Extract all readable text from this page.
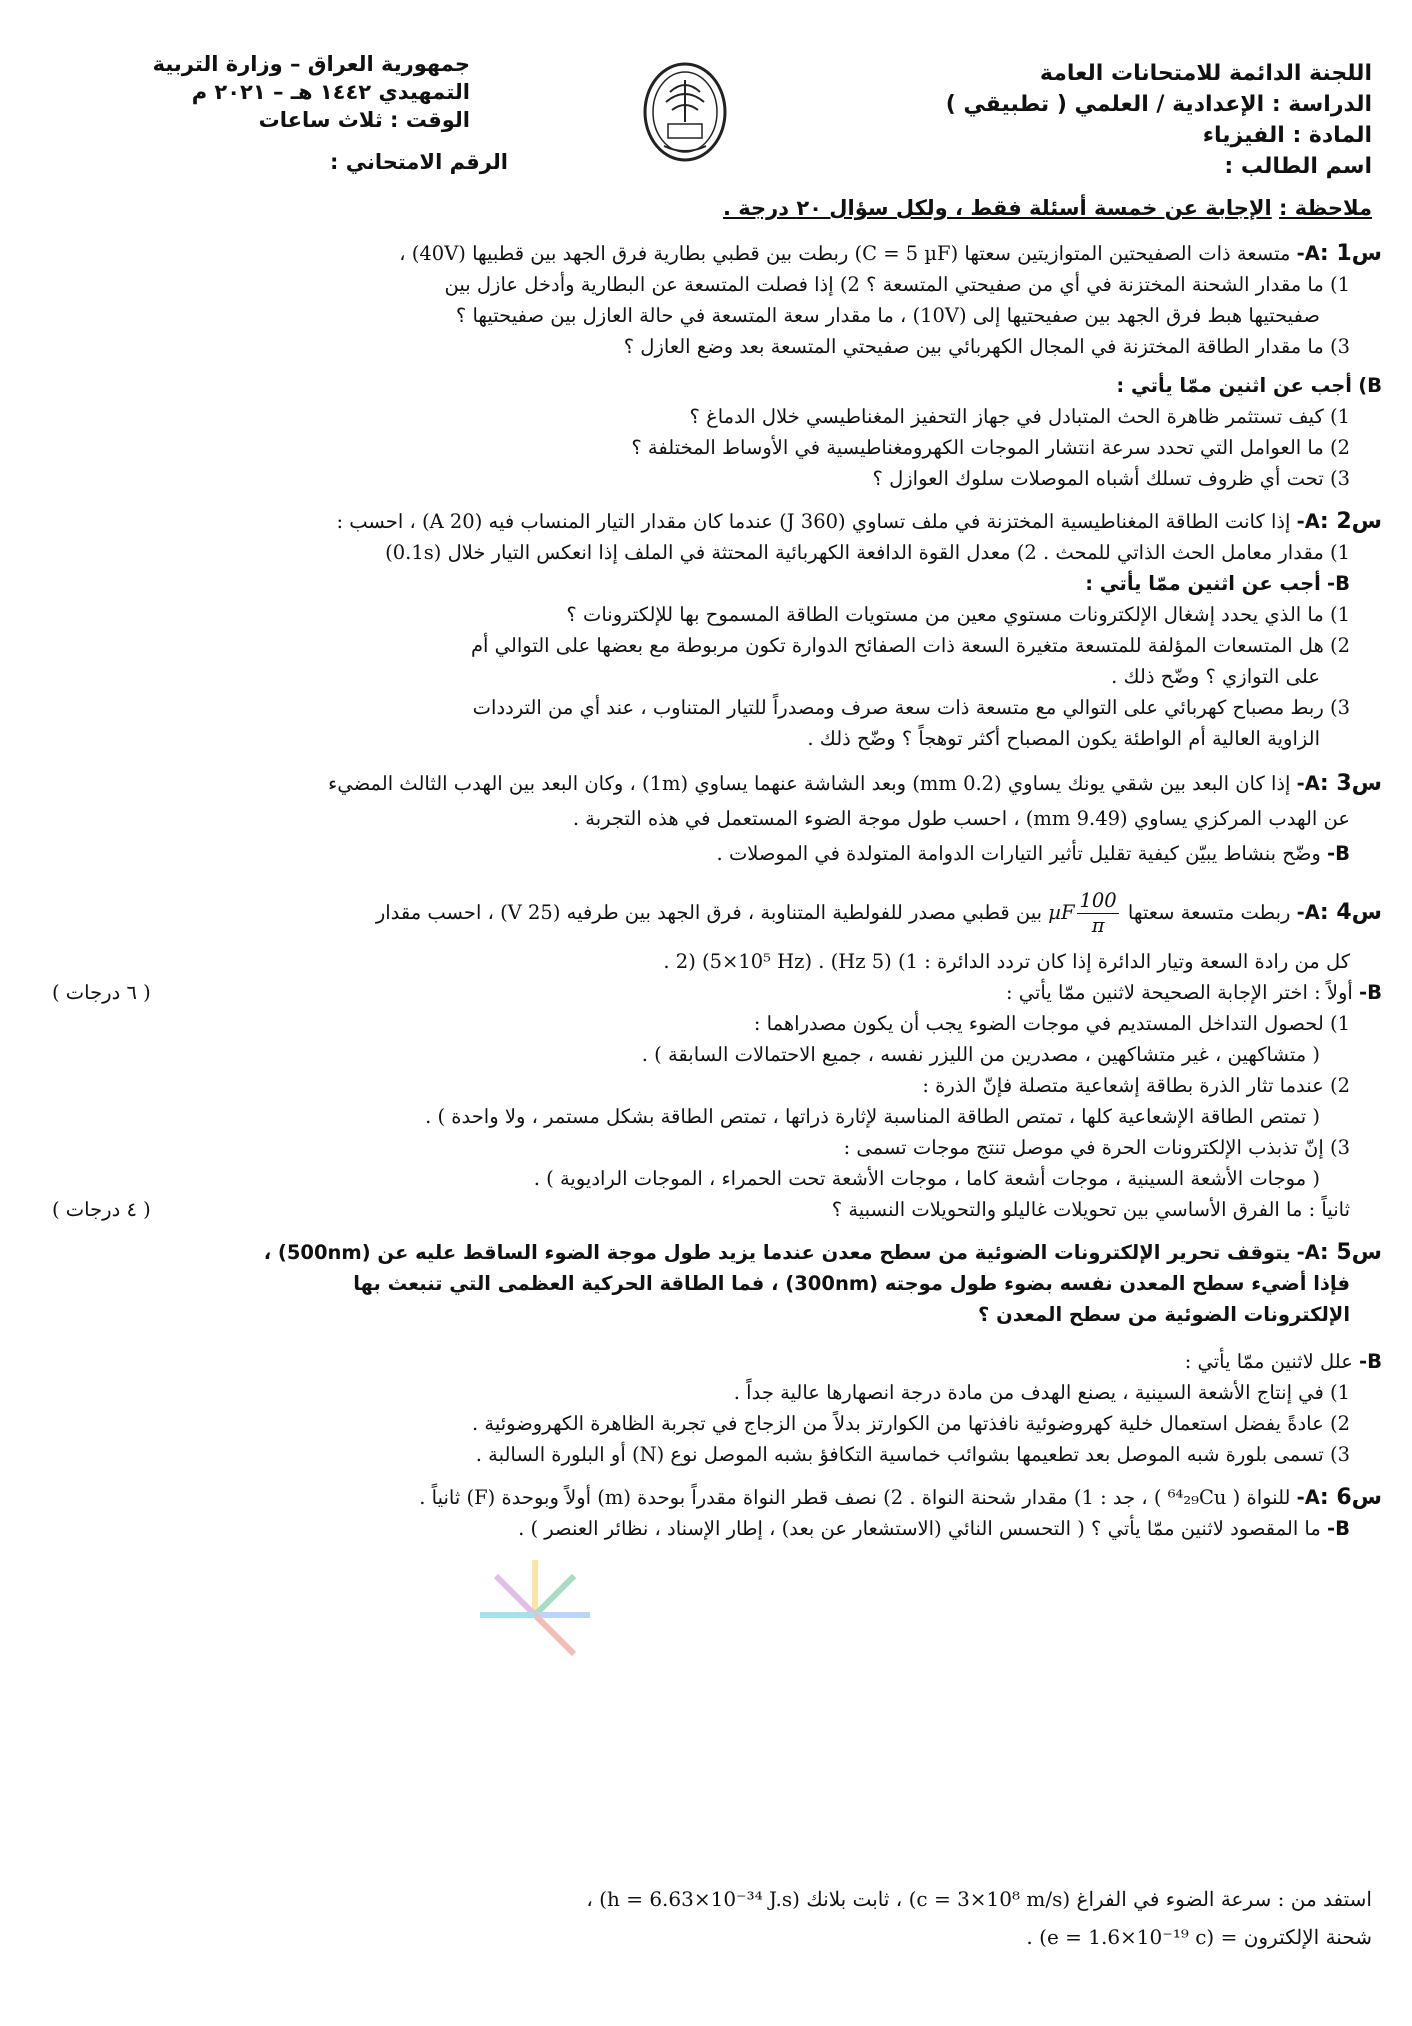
اللجنة الدائمة للامتحانات العامة
الدراسة : الإعدادية / العلمي ( تطبيقي )
المادة : الفيزياء
اسم الطالب :
جمهورية العراق – وزارة التربية
التمهيدي ١٤٤٢ هـ – ٢٠٢١ م
الوقت : ثلاث ساعات
الرقم الامتحاني :
ملاحظة : الإجابة عن خمسة أسئلة فقط ، ولكل سؤال ٢٠ درجة .
س1 :A- متسعة ذات الصفيحتين المتوازيتين سعتها (C = 5 µF) ربطت بين قطبي بطارية فرق الجهد بين قطبيها (40V) ،
1) ما مقدار الشحنة المختزنة في أي من صفيحتي المتسعة ؟ 2) إذا فصلت المتسعة عن البطارية وأدخل عازل بين
صفيحتيها هبط فرق الجهد بين صفيحتيها إلى (10V) ، ما مقدار سعة المتسعة في حالة العازل بين صفيحتيها ؟
3) ما مقدار الطاقة المختزنة في المجال الكهربائي بين صفيحتي المتسعة بعد وضع العازل ؟
B) أجب عن اثنين ممّا يأتي :
1) كيف تستثمر ظاهرة الحث المتبادل في جهاز التحفيز المغناطيسي خلال الدماغ ؟
2) ما العوامل التي تحدد سرعة انتشار الموجات الكهرومغناطيسية في الأوساط المختلفة ؟
3) تحت أي ظروف تسلك أشباه الموصلات سلوك العوازل ؟
س2 :A- إذا كانت الطاقة المغناطيسية المختزنة في ملف تساوي (360 J) عندما كان مقدار التيار المنساب فيه (20 A) ، احسب :
1) مقدار معامل الحث الذاتي للمحث . 2) معدل القوة الدافعة الكهربائية المحتثة في الملف إذا انعكس التيار خلال (0.1s)
B- أجب عن اثنين ممّا يأتي :
1) ما الذي يحدد إشغال الإلكترونات مستوي معين من مستويات الطاقة المسموح بها للإلكترونات ؟
2) هل المتسعات المؤلفة للمتسعة متغيرة السعة ذات الصفائح الدوارة تكون مربوطة مع بعضها على التوالي أم
على التوازي ؟ وضّح ذلك .
3) ربط مصباح كهربائي على التوالي مع متسعة ذات سعة صرف ومصدراً للتيار المتناوب ، عند أي من الترددات
الزاوية العالية أم الواطئة يكون المصباح أكثر توهجاً ؟ وضّح ذلك .
س3 :A- إذا كان البعد بين شقي يونك يساوي (0.2 mm) وبعد الشاشة عنهما يساوي (1m) ، وكان البعد بين الهدب الثالث المضيء
عن الهدب المركزي يساوي (9.49 mm) ، احسب طول موجة الضوء المستعمل في هذه التجربة .
B- وضّح بنشاط يبيّن كيفية تقليل تأثير التيارات الدوامة المتولدة في الموصلات .
س4 :A- ربطت متسعة سعتها
$\frac{100}{\pi}$
µF بين قطبي مصدر للفولطية المتناوبة ، فرق الجهد بين طرفيه (25 V) ، احسب مقدار
كل من رادة السعة وتيار الدائرة إذا كان تردد الدائرة : 1) (5 Hz) . 2) (5×10⁵ Hz) .
B- أولاً : اختر الإجابة الصحيحة لاثنين ممّا يأتي :
( ٦ درجات )
1) لحصول التداخل المستديم في موجات الضوء يجب أن يكون مصدراهما :
( متشاكهين ، غير متشاكهين ، مصدرين من الليزر نفسه ، جميع الاحتمالات السابقة ) .
2) عندما تثار الذرة بطاقة إشعاعية متصلة فإنّ الذرة :
( تمتص الطاقة الإشعاعية كلها ، تمتص الطاقة المناسبة لإثارة ذراتها ، تمتص الطاقة بشكل مستمر ، ولا واحدة ) .
3) إنّ تذبذب الإلكترونات الحرة في موصل تنتج موجات تسمى :
( موجات الأشعة السينية ، موجات أشعة كاما ، موجات الأشعة تحت الحمراء ، الموجات الراديوية ) .
ثانياً : ما الفرق الأساسي بين تحويلات غاليلو والتحويلات النسبية ؟
( ٤ درجات )
س5 :A- يتوقف تحرير الإلكترونات الضوئية من سطح معدن عندما يزيد طول موجة الضوء الساقط عليه عن (500nm) ،
فإذا أضيء سطح المعدن نفسه بضوء طول موجته (300nm) ، فما الطاقة الحركية العظمى التي تنبعث بها
الإلكترونات الضوئية من سطح المعدن ؟
B- علل لاثنين ممّا يأتي :
1) في إنتاج الأشعة السينية ، يصنع الهدف من مادة درجة انصهارها عالية جداً .
2) عادةً يفضل استعمال خلية كهروضوئية نافذتها من الكوارتز بدلاً من الزجاج في تجربة الظاهرة الكهروضوئية .
3) تسمى بلورة شبه الموصل بعد تطعيمها بشوائب خماسية التكافؤ بشبه الموصل نوع (N) أو البلورة السالبة .
س6 :A- للنواة ( ⁶⁴₂₉Cu ) ، جد : 1) مقدار شحنة النواة . 2) نصف قطر النواة مقدراً بوحدة (m) أولاً وبوحدة (F) ثانياً .
B- ما المقصود لاثنين ممّا يأتي ؟ ( التحسس النائي (الاستشعار عن بعد) ، إطار الإسناد ، نظائر العنصر ) .
استفد من : سرعة الضوء في الفراغ (c = 3×10⁸ m/s) ، ثابت بلانك (h = 6.63×10⁻³⁴ J.s) ،
شحنة الإلكترون = (e = 1.6×10⁻¹⁹ c) .
